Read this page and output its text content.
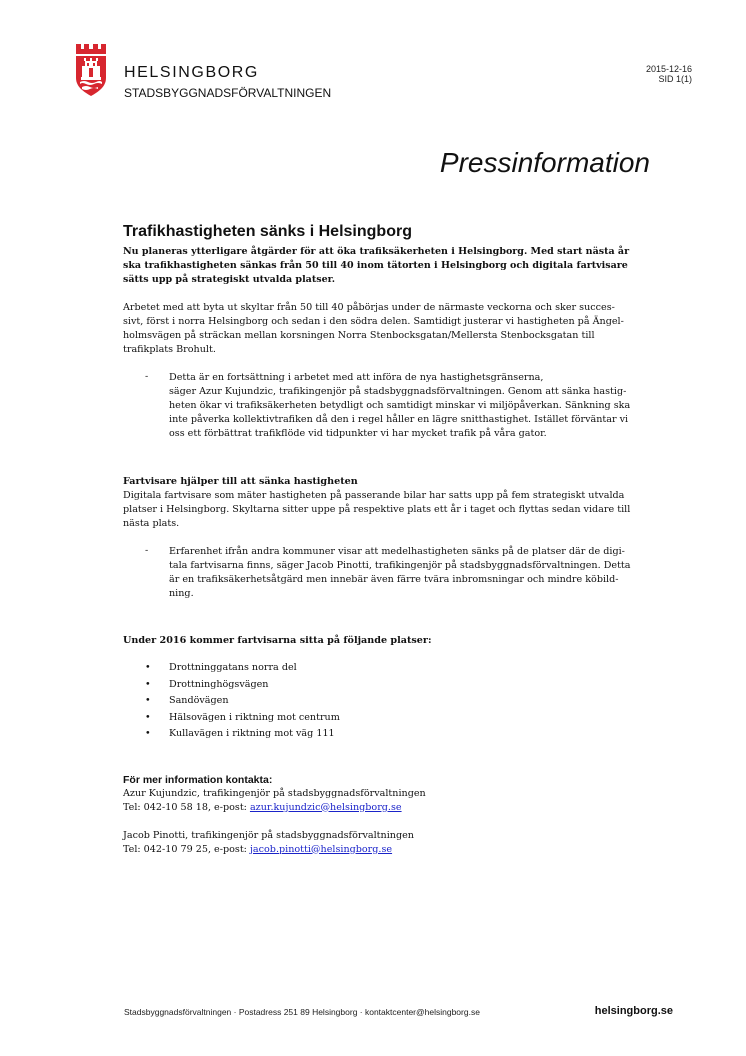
HELSINGBORG
STADSBYGGNADSFÖRVALTNINGEN
2015-12-16
SID 1(1)
Pressinformation
Trafikhastigheten sänks i Helsingborg
Nu planeras ytterligare åtgärder för att öka trafiksäkerheten i Helsingborg. Med start nästa år
ska trafikhastigheten sänkas från 50 till 40 inom tätorten i Helsingborg och digitala fartvisare
sätts upp på strategiskt utvalda platser.

Arbetet med att byta ut skyltar från 50 till 40 påbörjas under de närmaste veckorna och sker succes-

sivt, först i norra Helsingborg och sedan i den södra delen. Samtidigt justerar vi hastigheten på Ängel-

holmsvägen på sträckan mellan korsningen Norra Stenbocksgatan/Mellersta Stenbocksgatan till

trafikplats Brohult.

- Detta är en fortsättning i arbetet med att införa de nya hastighetsgränserna,

säger Azur Kujundzic, trafikingenjör på stadsbyggnadsförvaltningen. Genom att sänka hastig-

heten ökar vi trafiksäkerheten betydligt och samtidigt minskar vi miljöpåverkan. Sänkning ska

inte påverka kollektivtrafiken då den i regel håller en lägre snitthastighet. Istället förväntar vi

oss ett förbättrat trafikflöde vid tidpunkter vi har mycket trafik på våra gator.

Fartvisare hjälper till att sänka hastigheten

Digitala fartvisare som mäter hastigheten på passerande bilar har satts upp på fem strategiskt utvalda

platser i Helsingborg. Skyltarna sitter uppe på respektive plats ett år i taget och flyttas sedan vidare till

nästa plats.

- Erfarenhet ifrån andra kommuner visar att medelhastigheten sänks på de platser där de digi-

tala fartvisarna finns, säger Jacob Pinotti, trafikingenjör på stadsbyggnadsförvaltningen. Detta

är en trafiksäkerhetsåtgärd men innebär även färre tvära inbromsningar och mindre köbild-

ning.

Under 2016 kommer fartvisarna sitta på följande platser:
• Drottninggatans norra del
• Drottninghögsvägen
• Sandövägen
• Hälsovägen i riktning mot centrum
• Kullavägen i riktning mot väg 111
För mer information kontakta:

Azur Kujundzic, trafikingenjör på stadsbyggnadsförvaltningen

Tel: 042-10 58 18, e-post: azur.kujundzic@helsingborg.se

Jacob Pinotti, trafikingenjör på stadsbyggnadsförvaltningen

Tel: 042-10 79 25, e-post: jacob.pinotti@helsingborg.se

Stadsbyggnadsförvaltningen · Postadress 251 89 Helsingborg · kontaktcenter@helsingborg.se	helsingborg.se
